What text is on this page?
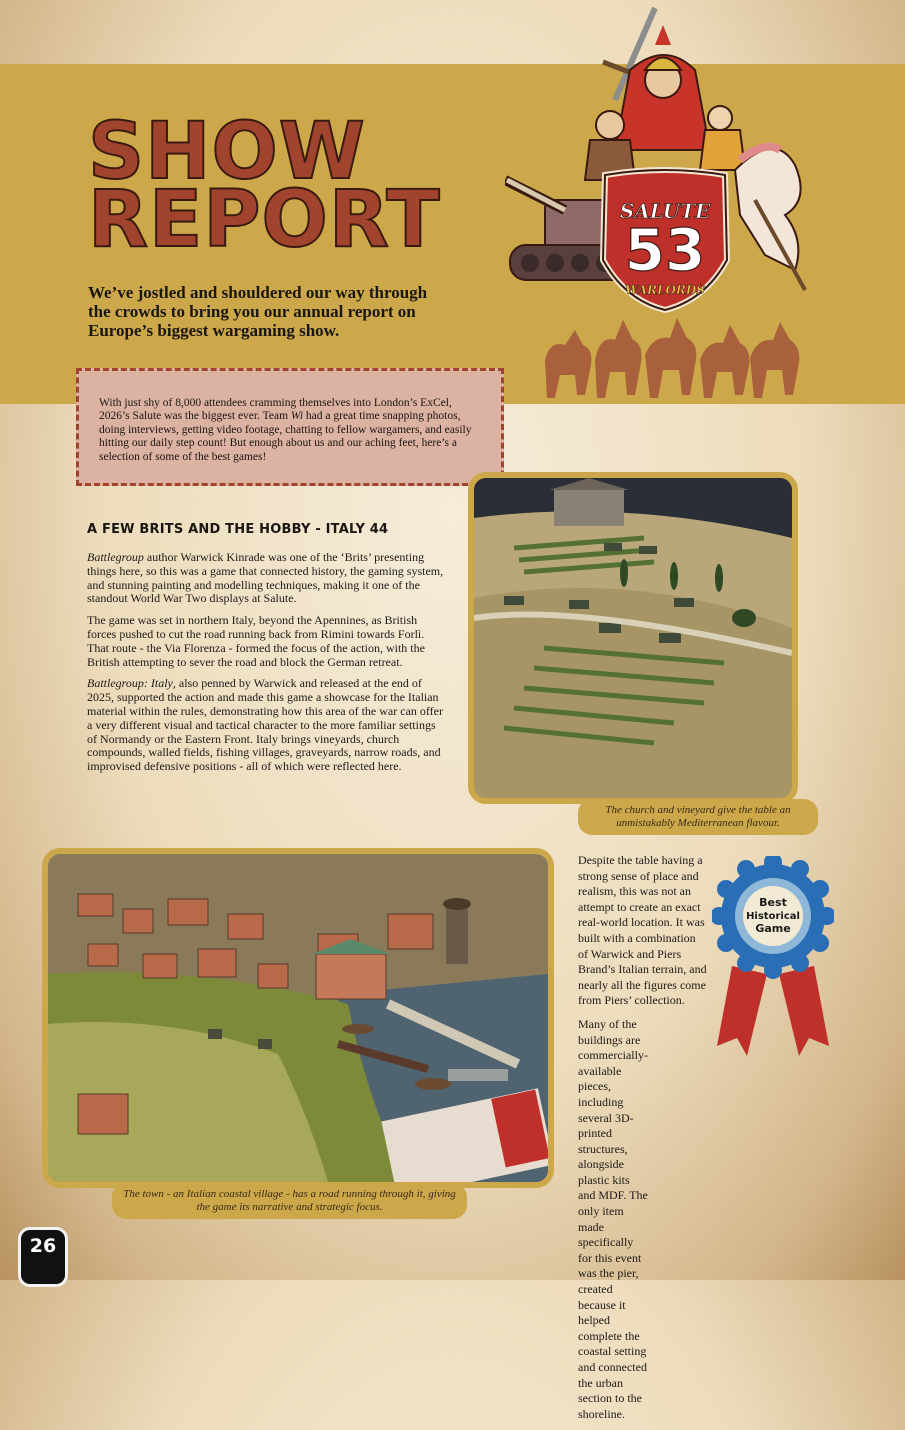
SHOW
REPORT

We’ve jostled and shouldered our way through the crowds to bring you our annual report on Europe’s biggest wargaming show.

SALUTE
53
WARLORDS
With just shy of 8,000 attendees cramming themselves into London’s ExCel, 2026’s Salute was the biggest ever. Team Wi had a great time snapping photos, doing interviews, getting video footage, chatting to fellow wargamers, and easily hitting our daily step count! But enough about us and our aching feet, here’s a selection of some of the best games!
A FEW BRITS AND THE HOBBY - ITALY 44

Battlegroup author Warwick Kinrade was one of the ‘Brits’ presenting things here, so this was a game that connected history, the gaming system, and stunning painting and modelling techniques, making it one of the standout World War Two displays at Salute.

The game was set in northern Italy, beyond the Apennines, as British forces pushed to cut the road running back from Rimini towards Forlì. That route - the Via Florenza - formed the focus of the action, with the British attempting to sever the road and block the German retreat.

Battlegroup: Italy, also penned by Warwick and released at the end of 2025, supported the action and made this game a showcase for the Italian material within the rules, demonstrating how this area of the war can offer a very different visual and tactical character to the more familiar settings of Normandy or the Eastern Front. Italy brings vineyards, church compounds, walled fields, fishing villages, graveyards, narrow roads, and improvised defensive positions - all of which were reflected here.

The church and vineyard give the table an unmistakably Mediterranean flavour.
The town - an Italian coastal village - has a road running through it, giving the game its narrative and strategic focus.

Despite the table having a strong sense of place and realism, this was not an attempt to create an exact real-world location. It was built with a combination of Warwick and Piers Brand’s Italian terrain, and nearly all the figures come from Piers’ collection.

Many of the buildings are commercially-available pieces, including several 3D-printed structures, alongside plastic kits and MDF. The only item made specifically for this event was the pier, created because it helped complete the coastal setting and connected the urban section to the shoreline.

Best
Historical
Game
26
